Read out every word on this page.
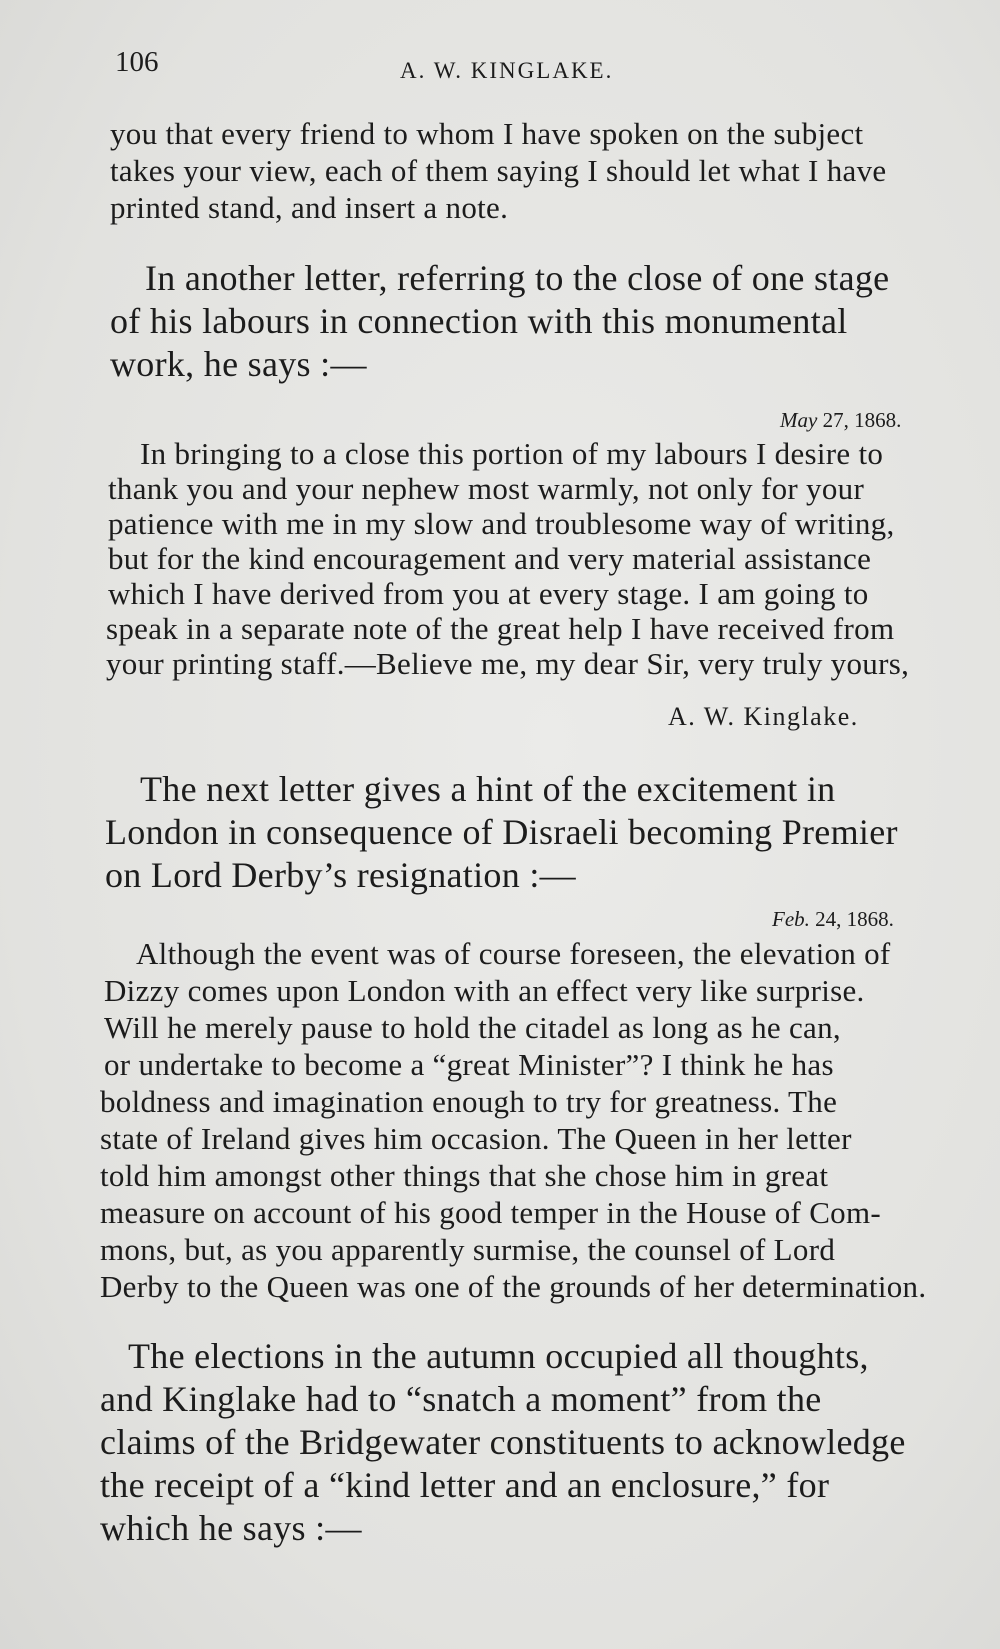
106	A. W. KINGLAKE.
you that every friend to whom I have spoken on the subject
takes your view, each of them saying I should let what I have
printed stand, and insert a note.
In another letter, referring to the close of one stage
of his labours in connection with this monumental
work, he says :—
May 27, 1868.
In bringing to a close this portion of my labours I desire to
thank you and your nephew most warmly, not only for your
patience with me in my slow and troublesome way of writing,
but for the kind encouragement and very material assistance
which I have derived from you at every stage. I am going to
speak in a separate note of the great help I have received from
your printing staff.—Believe me, my dear Sir, very truly yours,
A. W. Kinglake.
The next letter gives a hint of the excitement in
London in consequence of Disraeli becoming Premier
on Lord Derby’s resignation :—
Feb. 24, 1868.
Although the event was of course foreseen, the elevation of
Dizzy comes upon London with an effect very like surprise.
Will he merely pause to hold the citadel as long as he can,
or undertake to become a “great Minister”? I think he has
boldness and imagination enough to try for greatness. The
state of Ireland gives him occasion. The Queen in her letter
told him amongst other things that she chose him in great
measure on account of his good temper in the House of Com-
mons, but, as you apparently surmise, the counsel of Lord
Derby to the Queen was one of the grounds of her determination.
The elections in the autumn occupied all thoughts,
and Kinglake had to “snatch a moment” from the
claims of the Bridgewater constituents to acknowledge
the receipt of a “kind letter and an enclosure,” for
which he says :—
